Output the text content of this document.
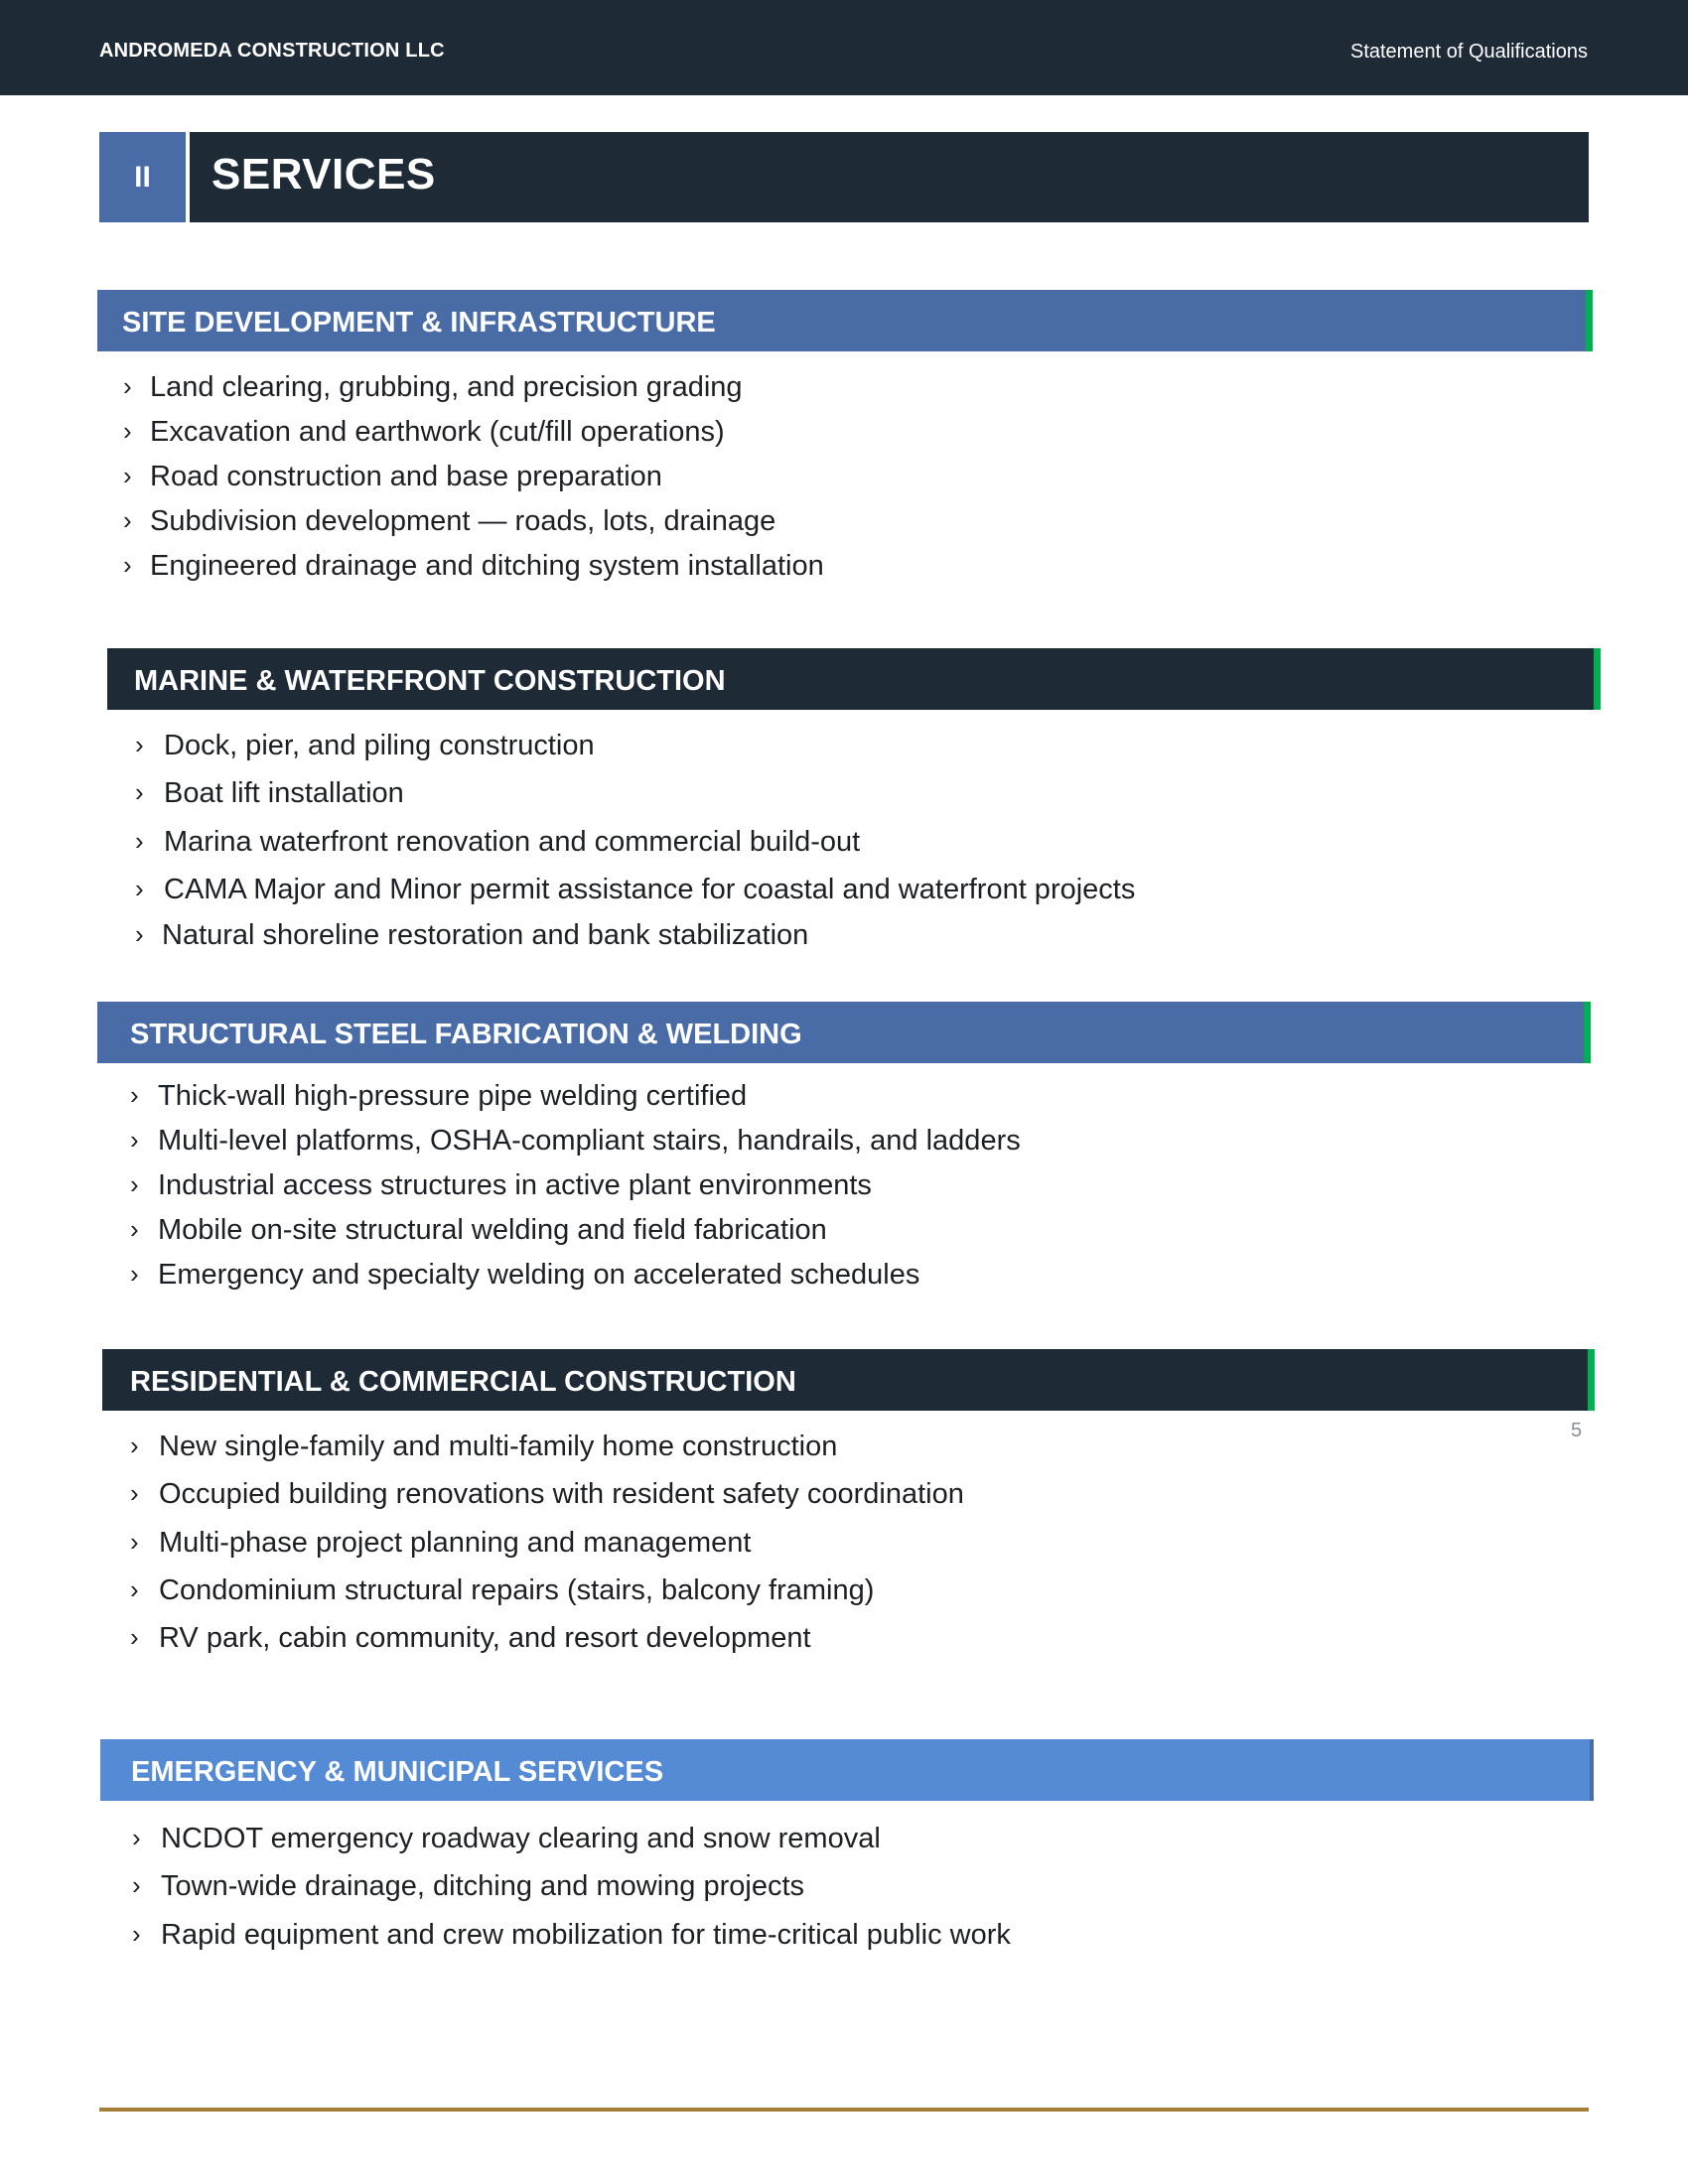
ANDROMEDA CONSTRUCTION LLC	Statement of Qualifications
II	SERVICES
SITE DEVELOPMENT & INFRASTRUCTURE
› Land clearing, grubbing, and precision grading
› Excavation and earthwork (cut/fill operations)
› Road construction and base preparation
› Subdivision development — roads, lots, drainage
› Engineered drainage and ditching system installation
MARINE & WATERFRONT CONSTRUCTION
› Dock, pier, and piling construction
› Boat lift installation
› Marina waterfront renovation and commercial build-out
› CAMA Major and Minor permit assistance for coastal and waterfront projects
› Natural shoreline restoration and bank stabilization
STRUCTURAL STEEL FABRICATION & WELDING
› Thick-wall high-pressure pipe welding certified
› Multi-level platforms, OSHA-compliant stairs, handrails, and ladders
› Industrial access structures in active plant environments
› Mobile on-site structural welding and field fabrication
› Emergency and specialty welding on accelerated schedules
RESIDENTIAL & COMMERCIAL CONSTRUCTION
5
› New single-family and multi-family home construction
› Occupied building renovations with resident safety coordination
› Multi-phase project planning and management
› Condominium structural repairs (stairs, balcony framing)
› RV park, cabin community, and resort development
EMERGENCY & MUNICIPAL SERVICES
› NCDOT emergency roadway clearing and snow removal
› Town-wide drainage, ditching and mowing projects
› Rapid equipment and crew mobilization for time-critical public work
